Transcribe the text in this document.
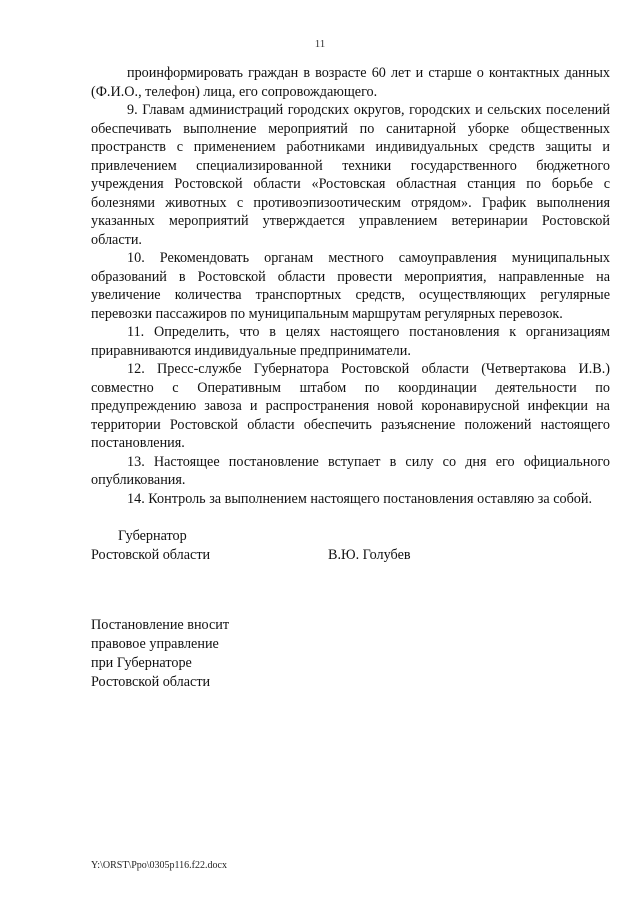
11

проинформировать граждан в возрасте 60 лет и старше о контактных данных (Ф.И.О., телефон) лица, его сопровождающего.

9. Главам администраций городских округов, городских и сельских поселений обеспечивать выполнение мероприятий по санитарной уборке общественных пространств с применением работниками индивидуальных средств защиты и привлечением специализированной техники государственного бюджетного учреждения Ростовской области «Ростовская областная станция по борьбе с болезнями животных с противоэпизоотическим отрядом». График выполнения указанных мероприятий утверждается управлением ветеринарии Ростовской области.

10. Рекомендовать органам местного самоуправления муниципальных образований в Ростовской области провести мероприятия, направленные на увеличение количества транспортных средств, осуществляющих регулярные перевозки пассажиров по муниципальным маршрутам регулярных перевозок.

11. Определить, что в целях настоящего постановления к организациям приравниваются индивидуальные предприниматели.

12. Пресс-службе Губернатора Ростовской области (Четвертакова И.В.) совместно с Оперативным штабом по координации деятельности по предупреждению завоза и распространения новой коронавирусной инфекции на территории Ростовской области обеспечить разъяснение положений настоящего постановления.

13. Настоящее постановление вступает в силу со дня его официального опубликования.

14. Контроль за выполнением настоящего постановления оставляю за собой.

Губернатор
Ростовской области	В.Ю. Голубев
Постановление вносит
правовое управление
при Губернаторе
Ростовской области
Y:\ORST\Ppo\0305p116.f22.docx
